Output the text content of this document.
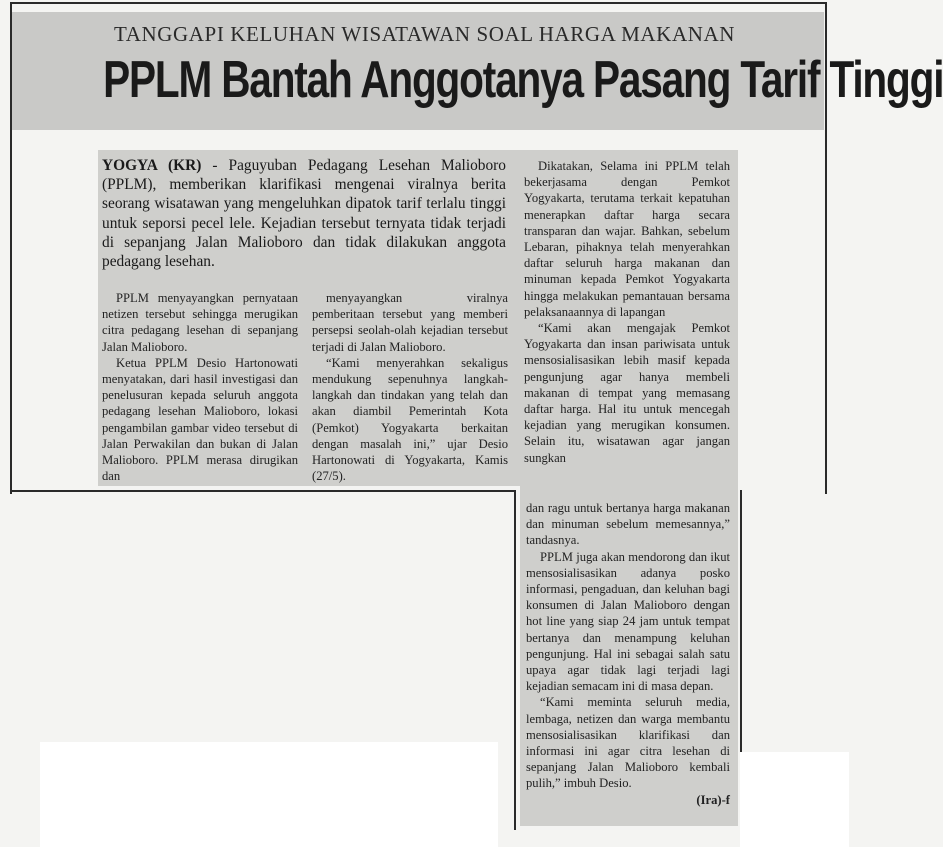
TANGGAPI KELUHAN WISATAWAN SOAL HARGA MAKANAN
PPLM Bantah Anggotanya Pasang Tarif Tinggi
YOGYA (KR) - Paguyuban Pedagang Lesehan Malioboro (PPLM), memberikan klarifikasi mengenai viralnya berita seorang wisatawan yang mengeluhkan dipatok tarif terlalu tinggi untuk seporsi pecel lele. Kejadian tersebut ternyata tidak terjadi di sepanjang Jalan Malioboro dan tidak dilakukan anggota pedagang lesehan.

PPLM menyayangkan pernyataan netizen tersebut sehingga merugikan citra pedagang lesehan di sepanjang Jalan Malioboro.

Ketua PPLM Desio Hartonowati menyatakan, dari hasil investigasi dan penelusuran kepada seluruh anggota pedagang lesehan Malioboro, lokasi pengambilan gambar video tersebut di Jalan Perwakilan dan bukan di Jalan Malioboro. PPLM merasa dirugikan dan

menyayangkan viralnya pemberitaan tersebut yang memberi persepsi seolah-olah kejadian tersebut terjadi di Jalan Malioboro.

“Kami menyerahkan sekaligus mendukung sepenuhnya langkah-langkah dan tindakan yang telah dan akan diambil Pemerintah Kota (Pemkot) Yogyakarta berkaitan dengan masalah ini,” ujar Desio Hartonowati di Yogyakarta, Kamis (27/5).

Dikatakan, Selama ini PPLM telah bekerjasama dengan Pemkot Yogyakarta, terutama terkait kepatuhan menerapkan daftar harga secara transparan dan wajar. Bahkan, sebelum Lebaran, pihaknya telah menyerahkan daftar seluruh harga makanan dan minuman kepada Pemkot Yogyakarta hingga melakukan pemantauan bersama pelaksanaannya di lapangan

“Kami akan mengajak Pemkot Yogyakarta dan insan pariwisata untuk mensosialisasikan lebih masif kepada pengunjung agar hanya membeli makanan di tempat yang memasang daftar harga. Hal itu untuk mencegah kejadian yang merugikan konsumen. Selain itu, wisatawan agar jangan sungkan

dan ragu untuk bertanya harga makanan dan minuman sebelum memesannya,” tandasnya.

PPLM juga akan mendorong dan ikut mensosialisasikan adanya posko informasi, pengaduan, dan keluhan bagi konsumen di Jalan Malioboro dengan hot line yang siap 24 jam untuk tempat bertanya dan menampung keluhan pengunjung. Hal ini sebagai salah satu upaya agar tidak lagi terjadi lagi kejadian semacam ini di masa depan.

“Kami meminta seluruh media, lembaga, netizen dan warga membantu mensosialisasikan klarifikasi dan informasi ini agar citra lesehan di sepanjang Jalan Malioboro kembali pulih,” imbuh Desio.

(Ira)-f
